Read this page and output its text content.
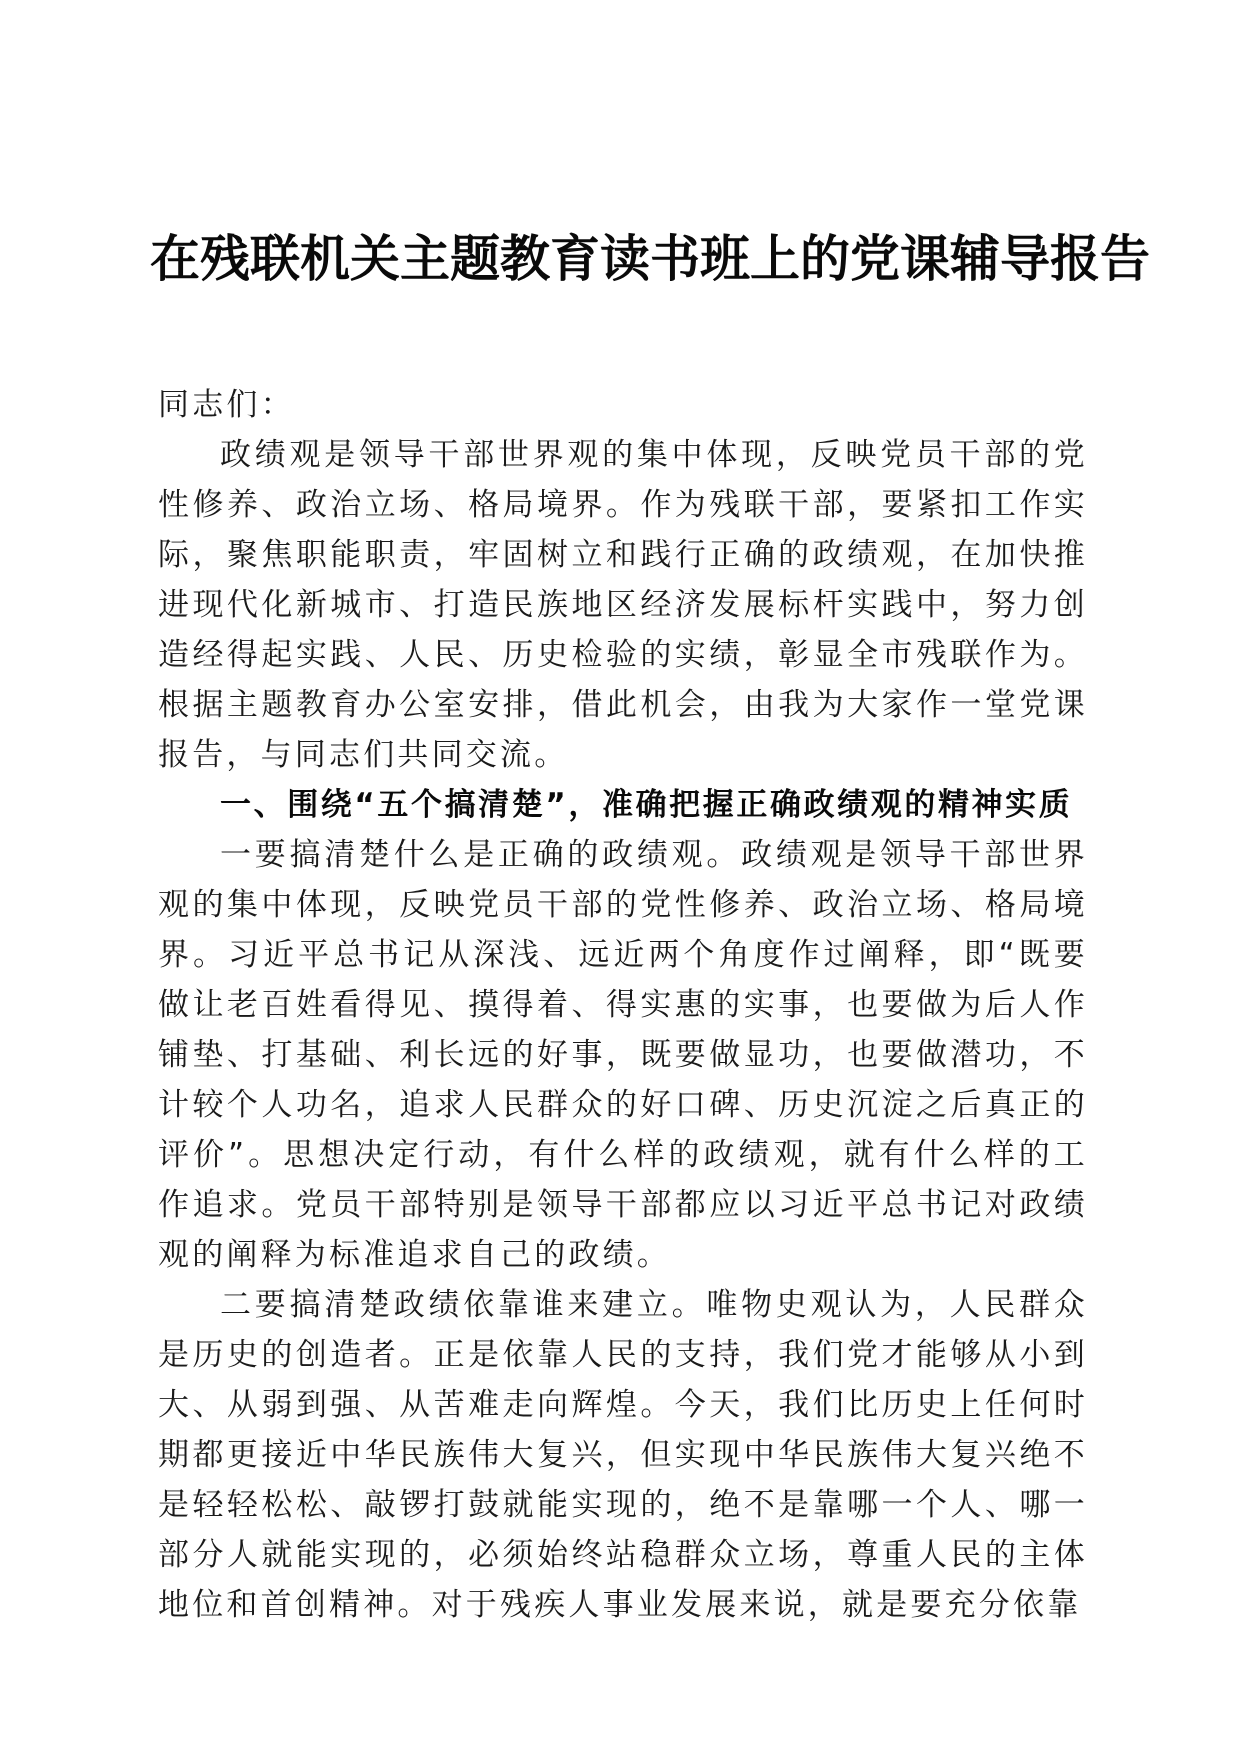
在残联机关主题教育读书班上的党课辅导报告

同志们：

政绩观是领导干部世界观的集中体现，反映党员干部的党性修养、政治立场、格局境界。作为残联干部，要紧扣工作实际，聚焦职能职责，牢固树立和践行正确的政绩观，在加快推进现代化新城市、打造民族地区经济发展标杆实践中，努力创造经得起实践、人民、历史检验的实绩，彰显全市残联作为。根据主题教育办公室安排，借此机会，由我为大家作一堂党课报告，与同志们共同交流。

一、围绕“五个搞清楚”，准确把握正确政绩观的精神实质

一要搞清楚什么是正确的政绩观。政绩观是领导干部世界观的集中体现，反映党员干部的党性修养、政治立场、格局境界。习近平总书记从深浅、远近两个角度作过阐释，即“既要做让老百姓看得见、摸得着、得实惠的实事，也要做为后人作铺垫、打基础、利长远的好事，既要做显功，也要做潜功，不计较个人功名，追求人民群众的好口碑、历史沉淀之后真正的评价”。思想决定行动，有什么样的政绩观，就有什么样的工作追求。党员干部特别是领导干部都应以习近平总书记对政绩观的阐释为标准追求自己的政绩。

二要搞清楚政绩依靠谁来建立。唯物史观认为，人民群众是历史的创造者。正是依靠人民的支持，我们党才能够从小到大、从弱到强、从苦难走向辉煌。今天，我们比历史上任何时期都更接近中华民族伟大复兴，但实现中华民族伟大复兴绝不是轻轻松松、敲锣打鼓就能实现的，绝不是靠哪一个人、哪一部分人就能实现的，必须始终站稳群众立场，尊重人民的主体地位和首创精神。对于残疾人事业发展来说，就是要充分依靠
